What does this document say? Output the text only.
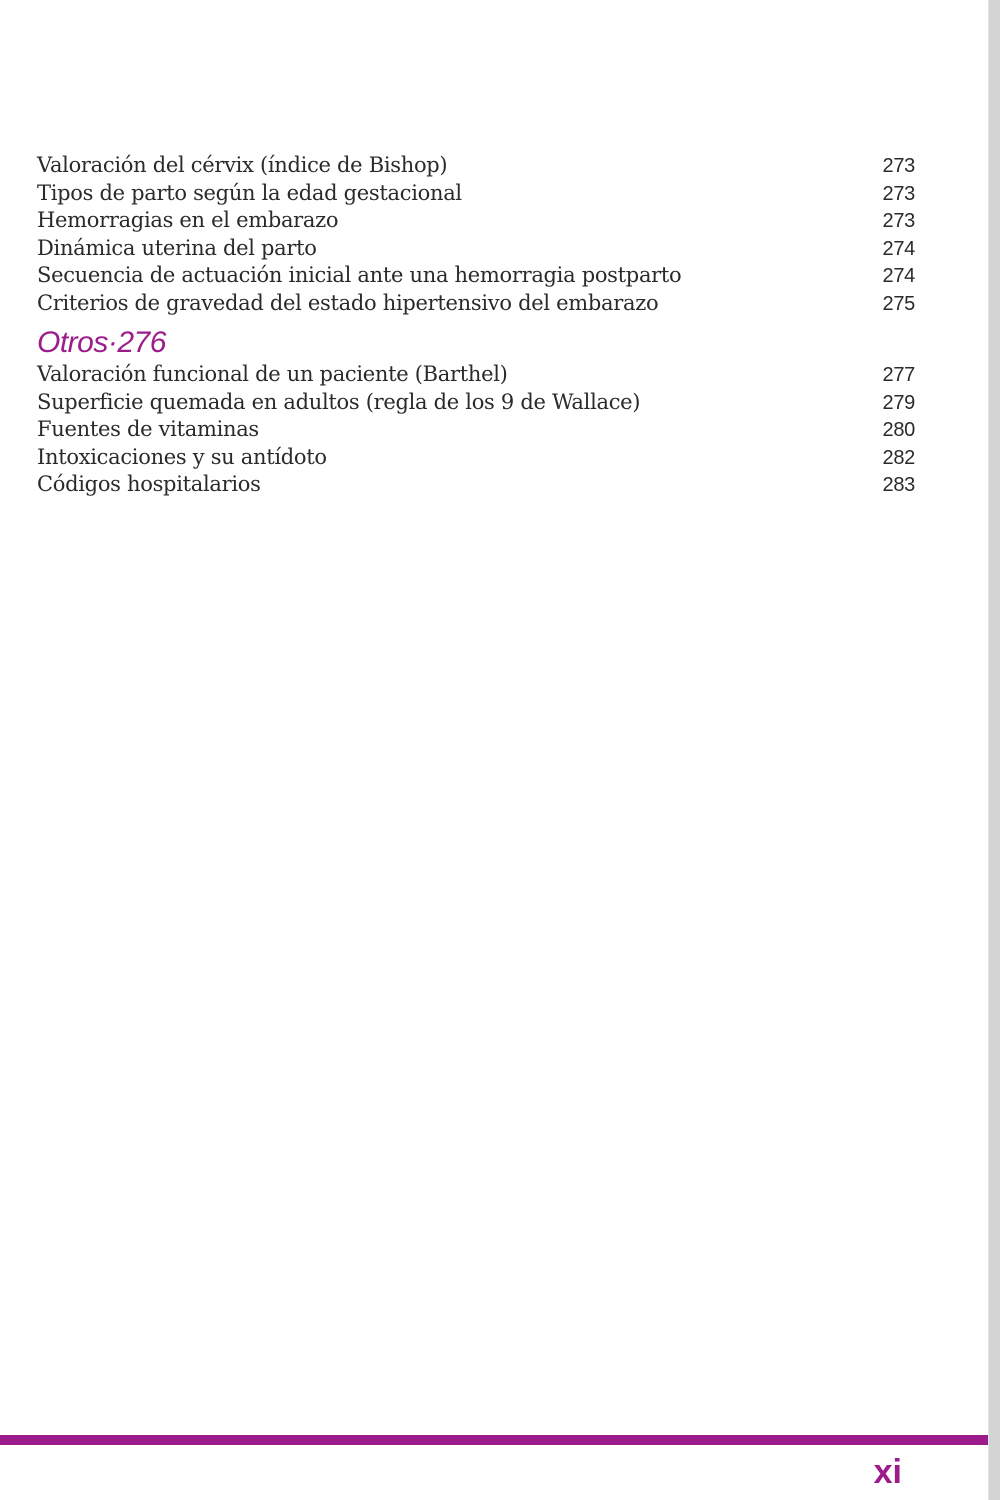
Valoración del cérvix (índice de Bishop)	273
Tipos de parto según la edad gestacional	273
Hemorragias en el embarazo	273
Dinámica uterina del parto	274
Secuencia de actuación inicial ante una hemorragia postparto	274
Criterios de gravedad del estado hipertensivo del embarazo	275
Otros·276
Valoración funcional de un paciente (Barthel)	277
Superficie quemada en adultos (regla de los 9 de Wallace)	279
Fuentes de vitaminas	280
Intoxicaciones y su antídoto	282
Códigos hospitalarios	283
xi
